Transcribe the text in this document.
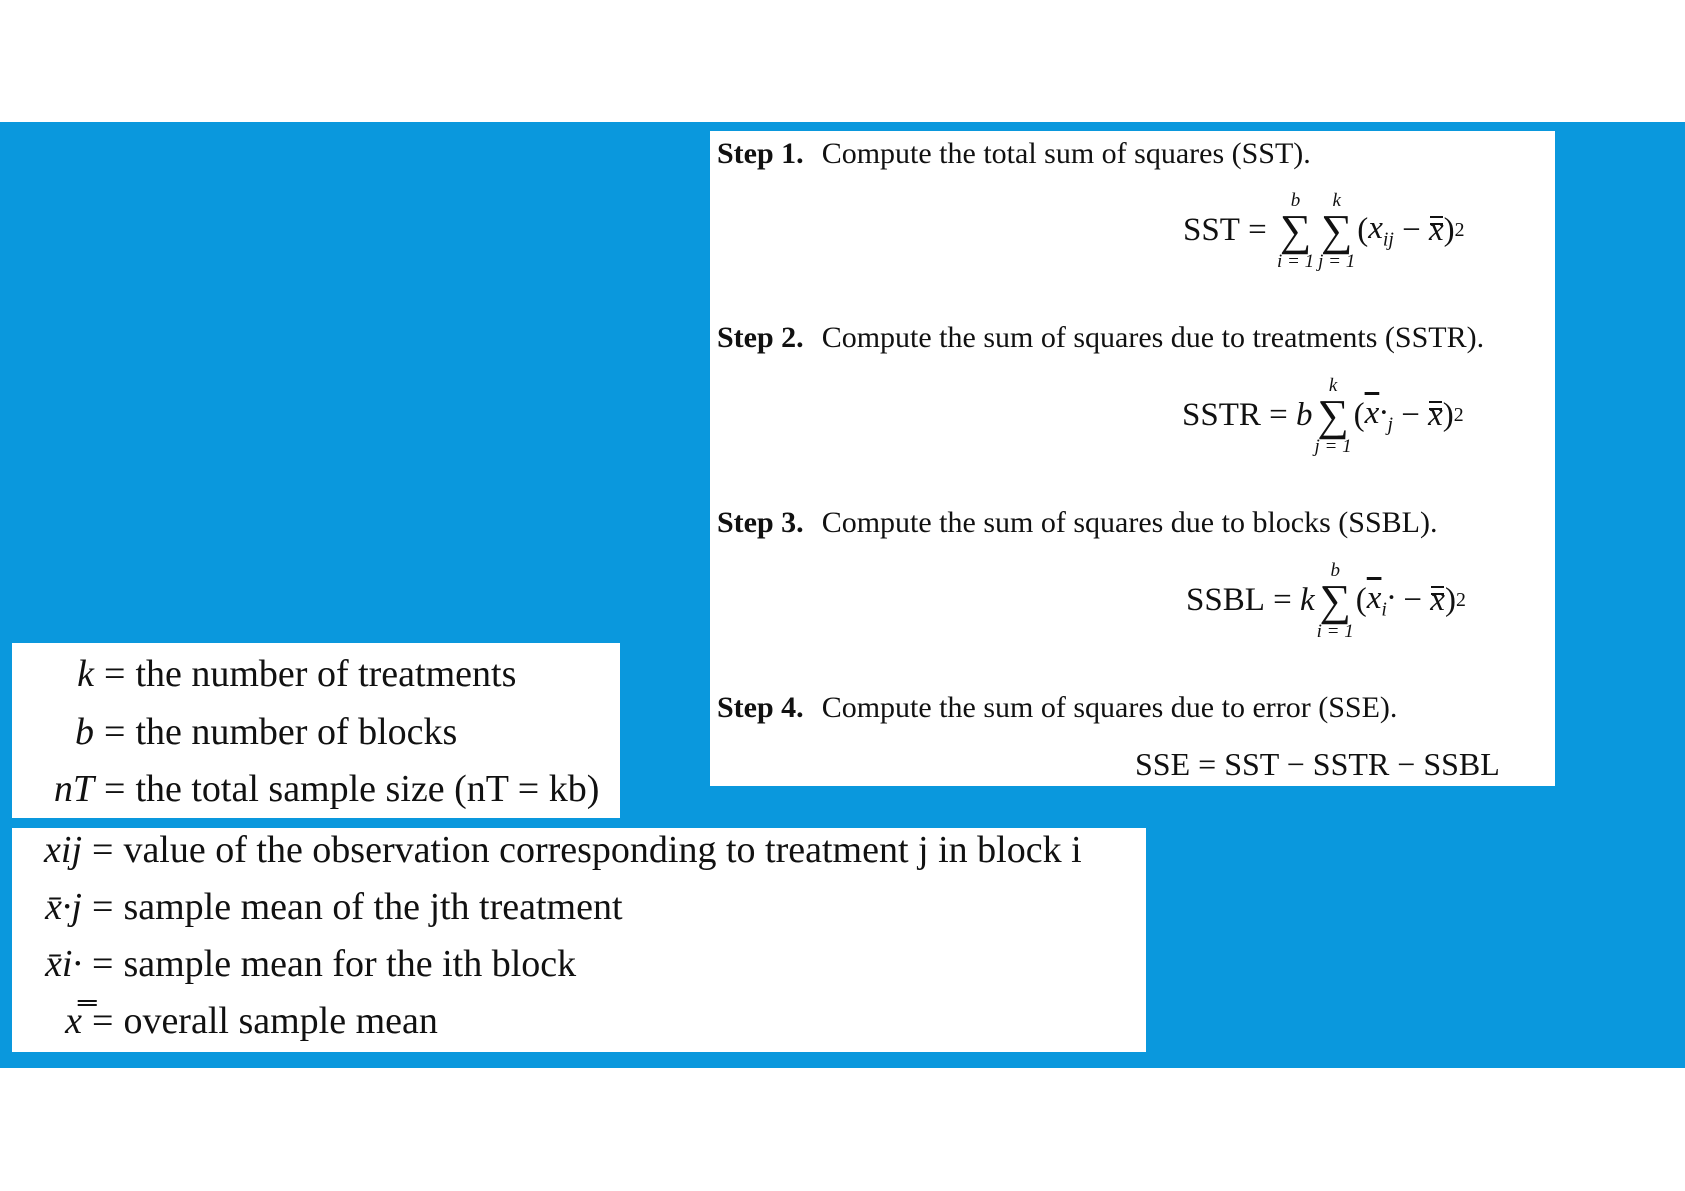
Step 1. Compute the total sum of squares (SST).
SST =
b
∑
i = 1
k
∑
j = 1
( $x_{ij} - x$ ) 2
Step 2. Compute the sum of squares due to treatments (SSTR).
SSTR = b
k
∑
j = 1
( $\overline{x}\cdot_j - x$ ) 2
Step 3. Compute the sum of squares due to blocks (SSBL).
SSBL = k
b
∑
i = 1
( $\overline{x}_i\cdot - x$ ) 2
Step 4. Compute the sum of squares due to error (SSE).
SSE = SST − SSTR − SSBL
k = the number of treatments
b = the number of blocks
nT = the total sample size (nT = kb)
xij = value of the observation corresponding to treatment j in block i
x̄·j = sample mean of the jth treatment
x̄i· = sample mean for the ith block
x̿ = overall sample mean
